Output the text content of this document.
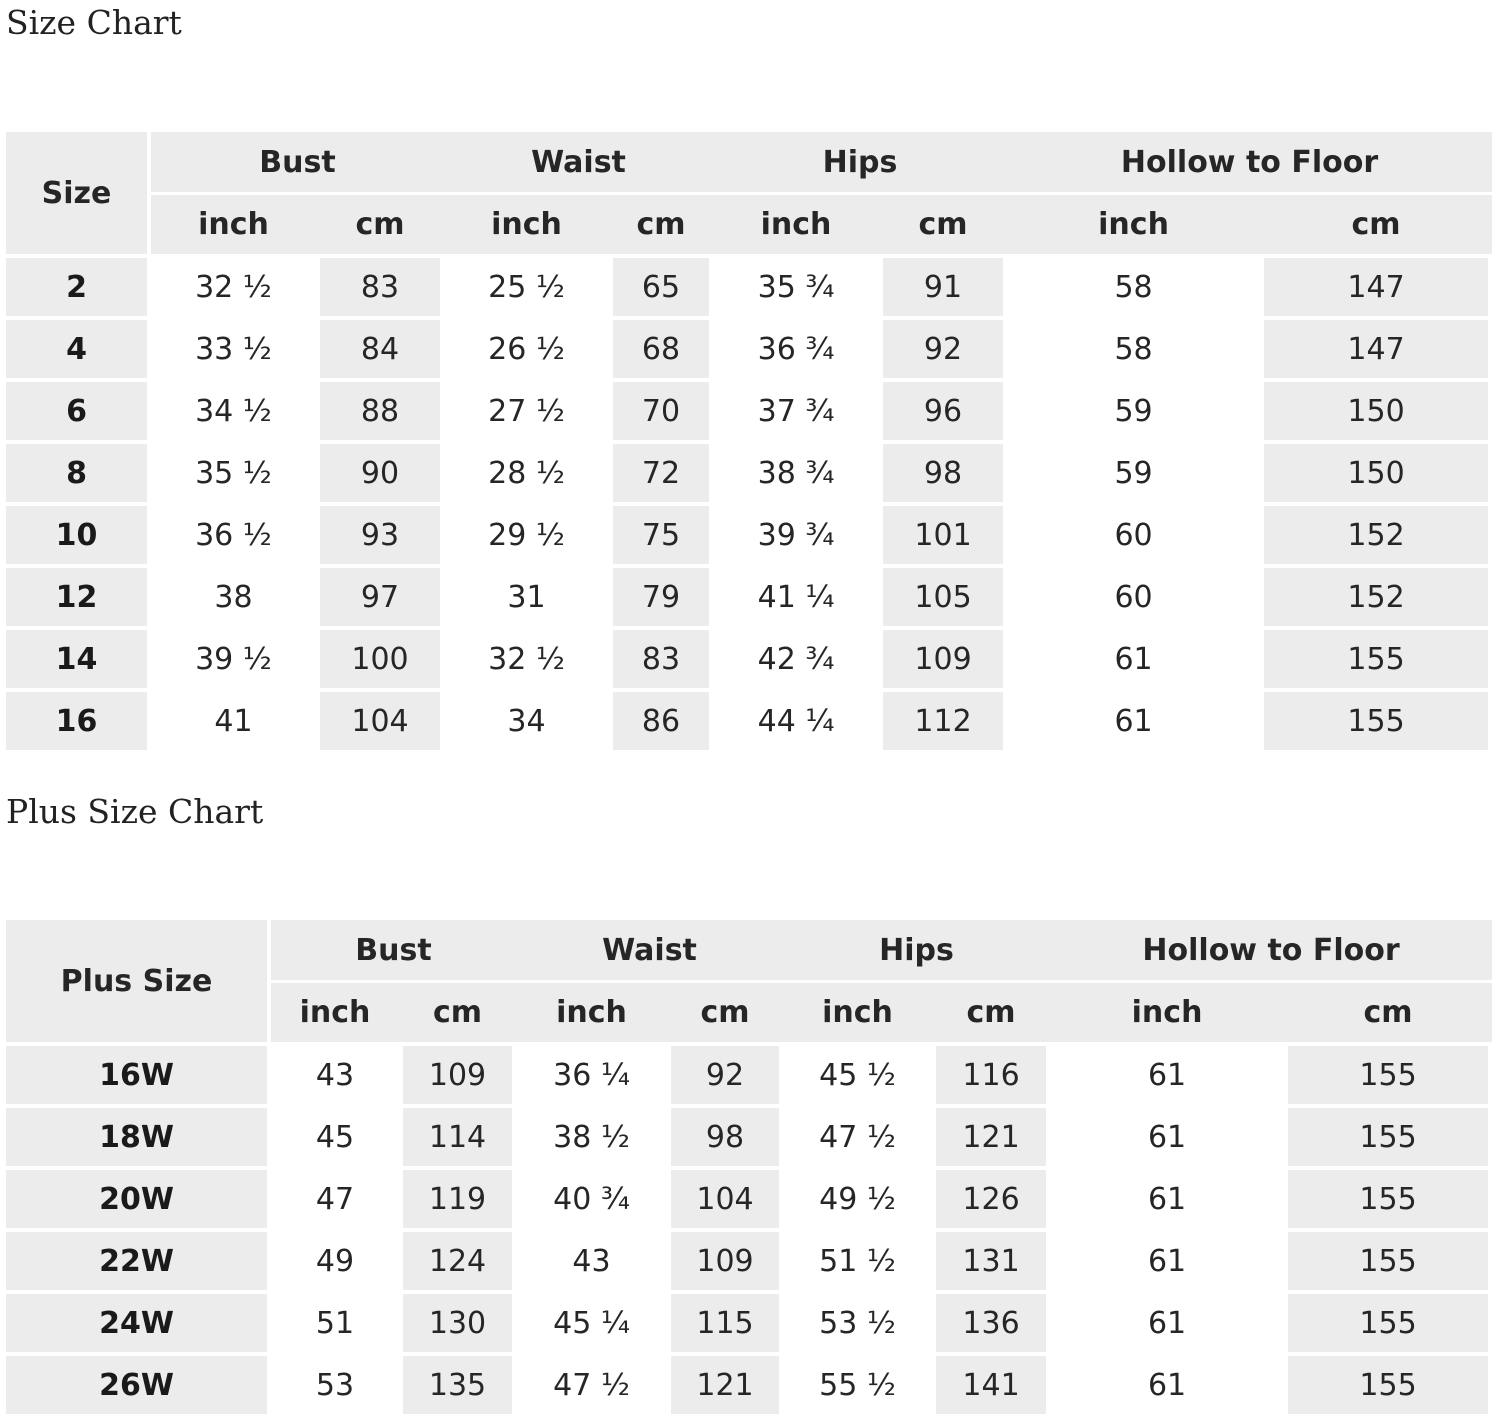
Size Chart
Size	Bust		Waist		Hips		Hollow to Floor	
	inch	cm	inch	cm	inch	cm	inch	cm
2	32 ½	83	25 ½	65	35 ¾	91	58	147
4	33 ½	84	26 ½	68	36 ¾	92	58	147
6	34 ½	88	27 ½	70	37 ¾	96	59	150
8	35 ½	90	28 ½	72	38 ¾	98	59	150
10	36 ½	93	29 ½	75	39 ¾	101	60	152
12	38	97	31	79	41 ¼	105	60	152
14	39 ½	100	32 ½	83	42 ¾	109	61	155
16	41	104	34	86	44 ¼	112	61	155
Plus Size Chart
Plus Size	Bust		Waist		Hips		Hollow to Floor	
	inch	cm	inch	cm	inch	cm	inch	cm
16W	43	109	36 ¼	92	45 ½	116	61	155
18W	45	114	38 ½	98	47 ½	121	61	155
20W	47	119	40 ¾	104	49 ½	126	61	155
22W	49	124	43	109	51 ½	131	61	155
24W	51	130	45 ¼	115	53 ½	136	61	155
26W	53	135	47 ½	121	55 ½	141	61	155
